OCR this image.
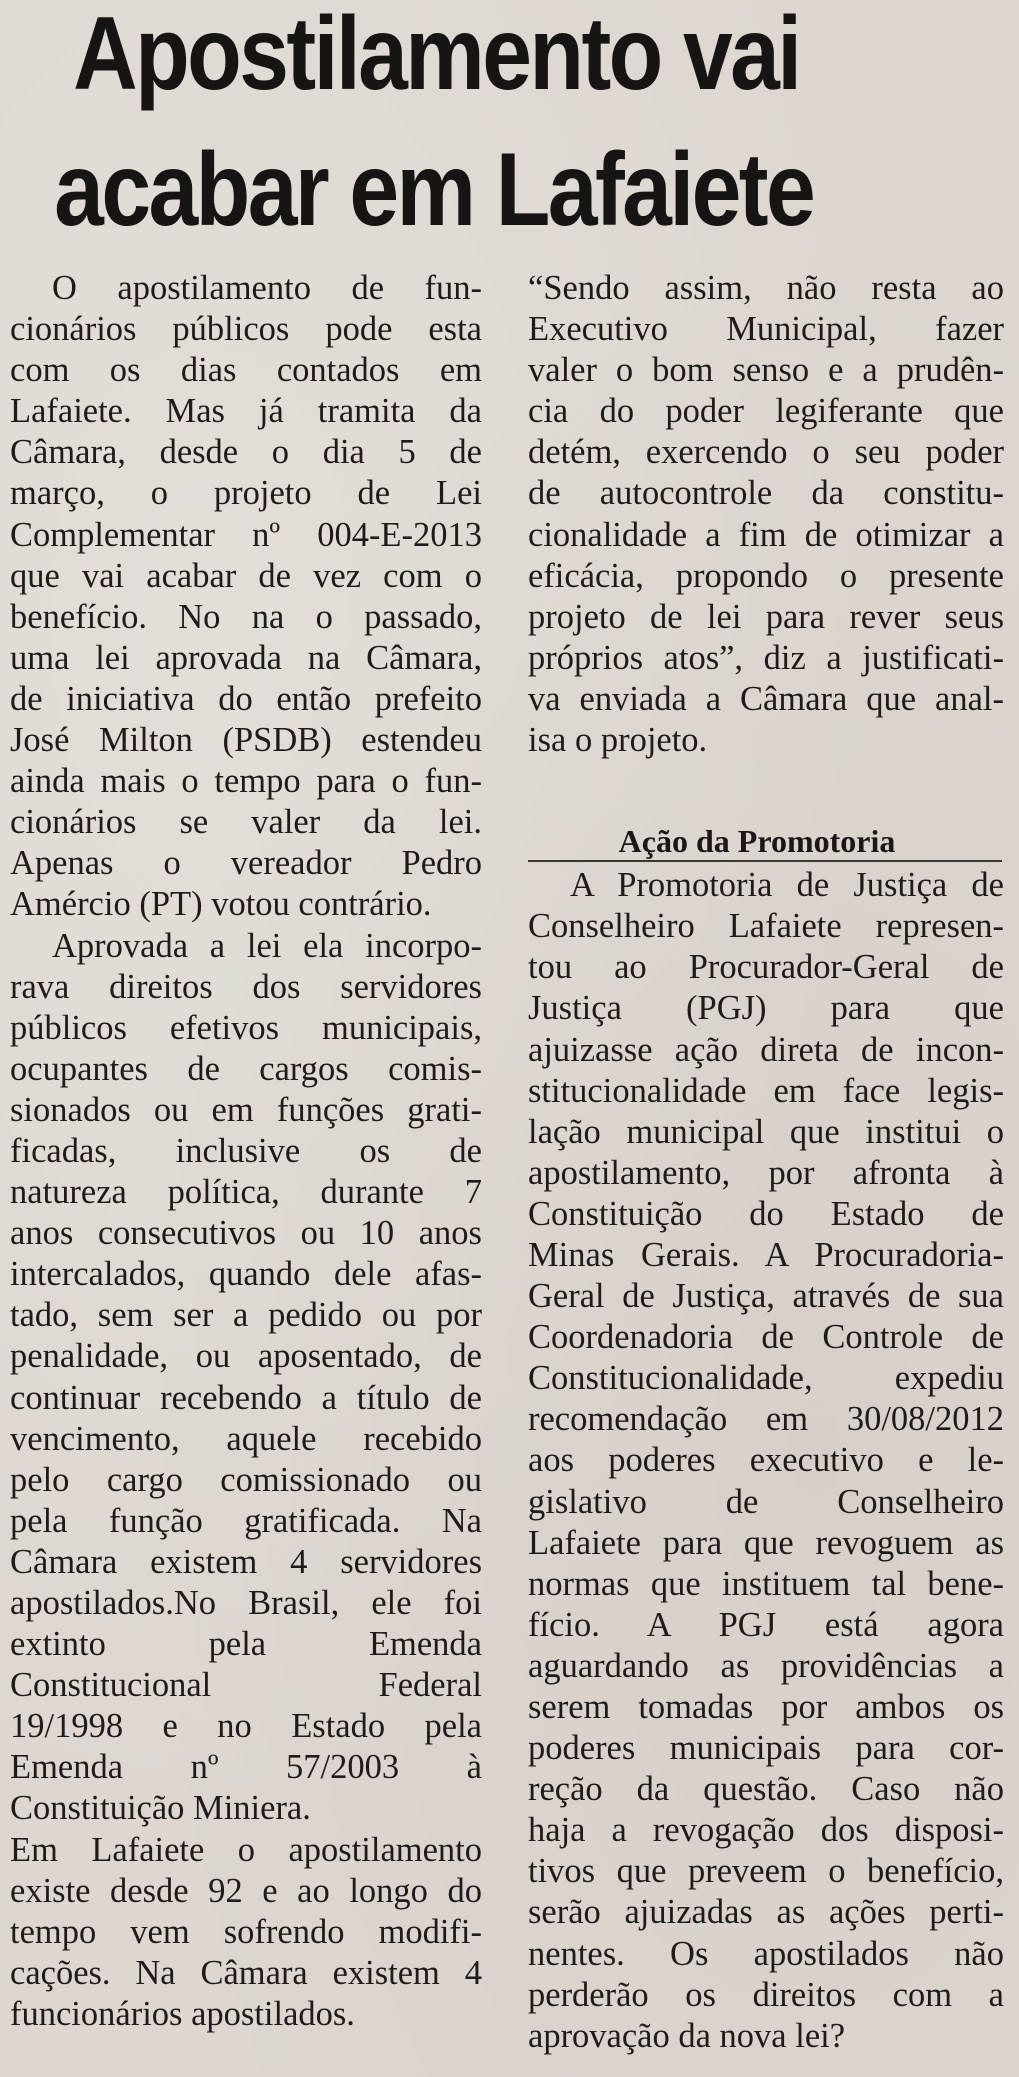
Apostilamento vai
acabar em Lafaiete

O apostilamento de fun-
cionários públicos pode esta
com os dias contados em
Lafaiete. Mas já tramita da
Câmara, desde o dia 5 de
março, o projeto de Lei
Complementar nº 004-E-2013
que vai acabar de vez com o
benefício. No na o passado,
uma lei aprovada na Câmara,
de iniciativa do então prefeito
José Milton (PSDB) estendeu
ainda mais o tempo para o fun-
cionários se valer da lei.
Apenas o vereador Pedro
Amércio (PT) votou contrário.

Aprovada a lei ela incorpo-
rava direitos dos servidores
públicos efetivos municipais,
ocupantes de cargos comis-
sionados ou em funções grati-
ficadas, inclusive os de
natureza política, durante 7
anos consecutivos ou 10 anos
intercalados, quando dele afas-
tado, sem ser a pedido ou por
penalidade, ou aposentado, de
continuar recebendo a título de
vencimento, aquele recebido
pelo cargo comissionado ou
pela função gratificada. Na
Câmara existem 4 servidores
apostilados.No Brasil, ele foi
extinto pela Emenda
Constitucional Federal
19/1998 e no Estado pela
Emenda nº 57/2003 à
Constituição Miniera.

Em Lafaiete o apostilamento
existe desde 92 e ao longo do
tempo vem sofrendo modifi-
cações. Na Câmara existem 4
funcionários apostilados.

“Sendo assim, não resta ao
Executivo Municipal, fazer
valer o bom senso e a prudên-
cia do poder legiferante que
detém, exercendo o seu poder
de autocontrole da constitu-
cionalidade a fim de otimizar a
eficácia, propondo o presente
projeto de lei para rever seus
próprios atos”, diz a justificati-
va enviada a Câmara que anal-
isa o projeto.

Ação da Promotoria

A Promotoria de Justiça de
Conselheiro Lafaiete represen-
tou ao Procurador-Geral de
Justiça (PGJ) para que
ajuizasse ação direta de incon-
stitucionalidade em face legis-
lação municipal que institui o
apostilamento, por afronta à
Constituição do Estado de
Minas Gerais. A Procuradoria-
Geral de Justiça, através de sua
Coordenadoria de Controle de
Constitucionalidade, expediu
recomendação em 30/08/2012
aos poderes executivo e le-
gislativo de Conselheiro
Lafaiete para que revoguem as
normas que instituem tal bene-
fício. A PGJ está agora
aguardando as providências a
serem tomadas por ambos os
poderes municipais para cor-
reção da questão. Caso não
haja a revogação dos disposi-
tivos que preveem o benefício,
serão ajuizadas as ações perti-
nentes. Os apostilados não
perderão os direitos com a
aprovação da nova lei?
